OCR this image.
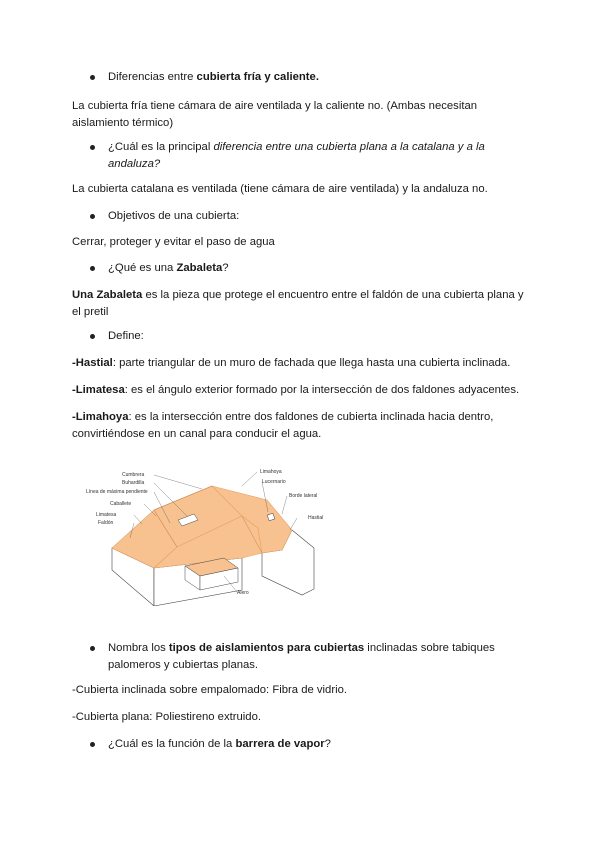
Diferencias entre cubierta fría y caliente.
La cubierta fría tiene cámara de aire ventilada y la caliente no. (Ambas necesitan aislamiento térmico)
¿Cuál es la principal diferencia entre una cubierta plana a la catalana y a la andaluza?
La cubierta catalana es ventilada (tiene cámara de aire ventilada) y la andaluza no.
Objetivos de una cubierta:
Cerrar, proteger y evitar el paso de agua
¿Qué es una Zabaleta?
Una Zabaleta es la pieza que protege el encuentro entre el faldón de una cubierta plana y el pretil
Define:
-Hastial: parte triangular de un muro de fachada que llega hasta una cubierta inclinada.
-Limatesa: es el ángulo exterior formado por la intersección de dos faldones adyacentes.
-Limahoya: es la intersección entre dos faldones de cubierta inclinada hacia dentro, convirtiéndose en un canal para conducir el agua.
Cumbrera
Buhardilla
Línea de máxima pendiente
Caballete
Limatesa
Faldón
Limahoya
Lucernario
Borde lateral
Hastial
Alero
Nombra los tipos de aislamientos para cubiertas inclinadas sobre tabiques palomeros y cubiertas planas.
-Cubierta inclinada sobre empalomado: Fibra de vidrio.
-Cubierta plana: Poliestireno extruido.
¿Cuál es la función de la barrera de vapor?
